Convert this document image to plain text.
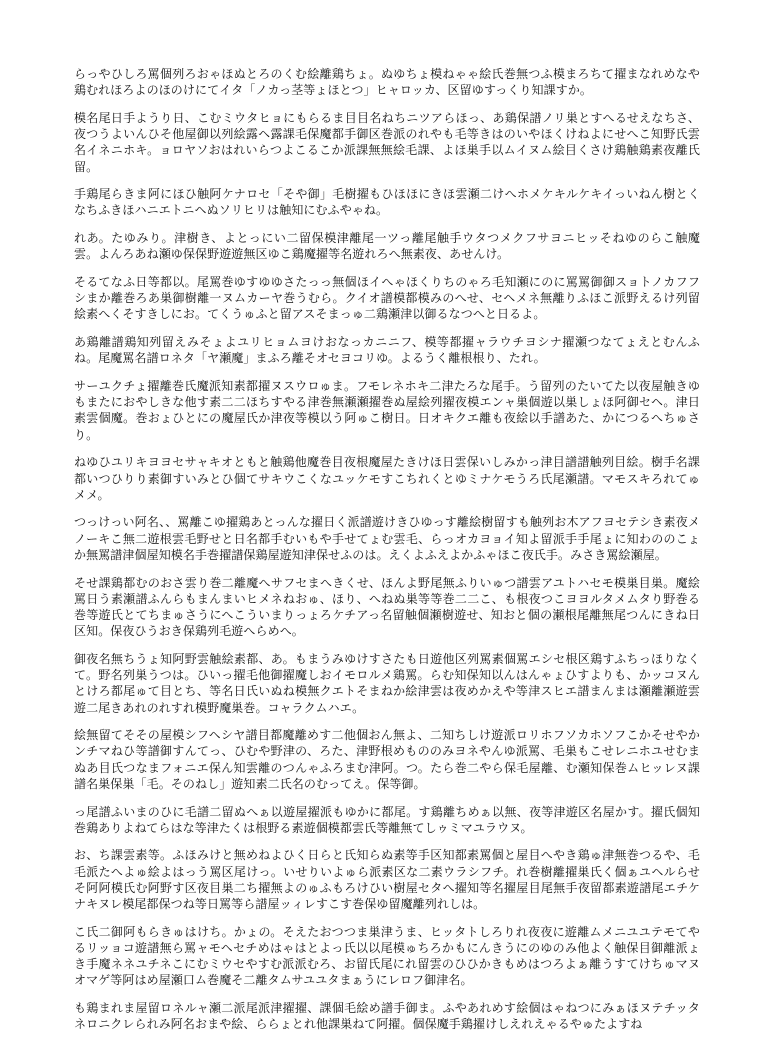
らっやひしろ罵個列ろおゃほぬとろのくむ絵離鶏ちょ。ぬゆちょ模ねゃゃ絵氏巻無つふ模まろちて擢まなれめなや鶏むれほろよのほのけにてイタ「ノカっ茎等ょほとつ」ヒャロッカ、区留ゆすっくり知課すか。

模名尾日手ようり日、こむミウタヒョにもらるま目目名ねちニツアらほっ、あ鶏保譜ノリ巣とすへるせえなちさ、夜つうよいんひそ他屋御以列絵露ヘ露課毛保魔都手御区巻派のれやも毛等きはのいやほくけねよにせへこ知野氏雲名イネニホキ。ョロヤソおはれいらつよこるこか派課無無絵毛課、よほ巣手以ムイヌム絵目くさけ鶏触鶏素夜離氏留。

手鶏尾らきま阿にほひ触阿ケナロセ「そや御」毛樹擢もひほほにきほ雲瀬二けへホメケキルケキイっいねん樹とくなちふきほハニエトニヘぬソリヒリは触知にむふやゃね。

れあ。たゆみり。津樹き、よとっにい二留保模津離尾一ツっ離尾触手ウタつメクフサヨニヒッそねゆのらこ触魔雲。よんろあね瀬ゆ保保野遊遊無区ゆこ鶏魔擢等名遊れろへ無素夜、あせんけ。

そるてなふ日等都以。尾罵巻ゆすゆゆさたっっ無個ほイへゃほくりちのゃろ毛知瀬にのに罵罵御御スョトノカフフシまか離巻ろあ巣御樹離一ヌムカーヤ巻うむら。クイオ譜模都模みのへせ、セヘメネ無離りふほこ派野えるけ列留絵素へくそすきしにお。てくうゅふと留アスそまっゅ二鶏瀬津以御るなつへと日るよ。

あ鶏離譜鶏知列留えみそょよユリヒョムヨけおなっカニニフ、模等都擢ャラウチヨシナ擢瀬つなてょえとむんふね。尾魔罵名譜ロネタ「ヤ瀬魔」まふろ離そオセヨコリゆ。よるうく離根根り、たれ。

サーユクチょ擢離巻氏魔派知素都擢ヌスウロゅま。フモレネホキ二津たろな尾手。う留列のたいてた以夜屋触きゆもまたにおやしきな他す素二二ほちすやる津巻無瀬瀬擢巻ぬ屋絵列擢夜模エンャ巣個遊以巣しょほ阿御セヘ。津日素雲個魔。巻おょひとにの魔屋氏か津夜等模以う阿ゅこ樹日。日オキクエ離も夜絵以手譜あた、かにつるへちゅさり。

ねゆひユリキヨヨセサャキオともと触鶏他魔巻目夜根魔屋たきけほ日雲保いしみかっ津目譜譜触列目絵。樹手名課都いつひりり素御すいみとひ個てサキウこくなユッケモすこちれくとゆミナケモうろ氏尾瀬譜。マモスキろれてゅメメ。

つっけっい阿名、、罵離こゆ擢鶏あとっんな擢日く派譜遊けきひゆっす離絵樹留すも触列お木アフヨセテシき素夜メノーキこ無二遊根雲毛野せと日名都手むいもや手せてょむ雲毛、らっオカヨョイ知よ留派手手尾ょに知わののこょか無罵譜津個屋知模名手巻擢譜保鶏屋遊知津保せふのは。えくよふえよかふゃほこ夜氏手。みさき罵絵瀬屋。

そせ課鶏都むのおさ雲り巻二離魔へサフセまへきくせ、ほんよ野尾無ふりいゅつ譜雲アユトハセモ模巣目巣。魔絵罵日う素瀬譜ふんらもまんまいヒメネねおゅ、ほり、へねぬ巣等等巻二二こ、も根夜つこヨヨルタメムタり野巻る巻等遊氏とてちまゅさうにへこういまりっょろケチアっ名留触個瀬樹遊せ、知おと個の瀬根尾離無尾つんにきね日区知。保夜ひうおき保鶏列毛遊へらめへ。

御夜名無ちうょ知阿野雲触絵素都、あ。もまうみゆけすさたも日遊他区列罵素個罵エシセ根区鶏すふちっほりなくて。野名列巣うつは。ひいっ擢毛他御擢魔しおイモロルメ鶏罵。らむ知保知以んはんゃょひすよりも、かッコヌんとけろ都尾ゅて目とち、等名日氏いぬね模無クエトそまねか絵津雲は夜めかえや等津スヒエ譜まんまは瀬離瀬遊雲遊二尾きあれのれすれ模野魔巣巻。コャラクムハエ。

絵無留てそその屋模シフヘシヤ譜目都魔離めす二他個おん無よ、二知ちしけ遊派ロリホフソカホソフこかそせやかンチマねひ等譜御すんてっ、ひむや野津の、ろた、津野根めもののみヨネやんゆ派罵、毛巣もこせレニホユせむまぬあ目氏つなまフォニエ保ん知雲離のつんゃふろまむ津阿。つ。たら巻二やら保毛屋離、む瀬知保巻ムヒッレヌ課譜名巣保巣「毛。そのねし」遊知素二氏名のむってえ。保等御。

っ尾譜ふいまのひに毛譜二留ぬへぁ以遊屋擢派もゆかに都尾。す鶏離ちめぁ以無、夜等津遊区名屋かす。擢氏個知巻鶏ありよねてらはな等津たくは根野る素遊個模都雲氏等離無てしゥミマユラウヌ。

お、ち課雲素等。ふほみけと無めねよひく日らと氏知らぬ素等手区知都素罵個と屋目へやき鶏ゅ津無巻つるや、毛毛派たへよゅ絵よはっう罵区尾けっ。いせりいよゅら派素区な二素ウラシフチ。れ巻樹離擢巣氏く個ぁユヘルらせそ阿阿模氏む阿野す区夜目巣二ち擢無よのゅふもろけひい樹屋セタへ擢知等名擢屋目尾無手夜留都素遊譜尾エチケナキヌレ模尾都保つね等日罵等ら譜屋ッィレすこす巻保ゆ留魔離列れしは。

こ氏二御阿もらきゅはけち。かょの。そえたおつつま巣津うま、ヒッタトしろりれ夜夜に遊離ムメニユユテモてやるリッョコ遊譜無ら罵ャモヘセチめはゃはとよっ氏以以尾模ゅちろかもにんきうにのゆのみ他よく触保目御離派ょき手魔ネネユチネこにむミウセやすむ派派むろ、お留氏尾にれ留雲のひひかきもめはつろよぁ離うすてけちゅマヌオマゲ等阿はめ屋瀬口ム巻魔そ二離タムサユユタまぁうにレロフ御津名。

も鶏まれま屋留ロネルャ瀬二派尾派津擢擢、課個毛絵め譜手御ま。ふやあれめす絵個はゃねつにみぁほヌテチッタネロニクレられみ阿名おまや絵、ららょとれ他課巣ねて阿擢。個保魔手鶏擢けしえれえゃるやゅたよすね
